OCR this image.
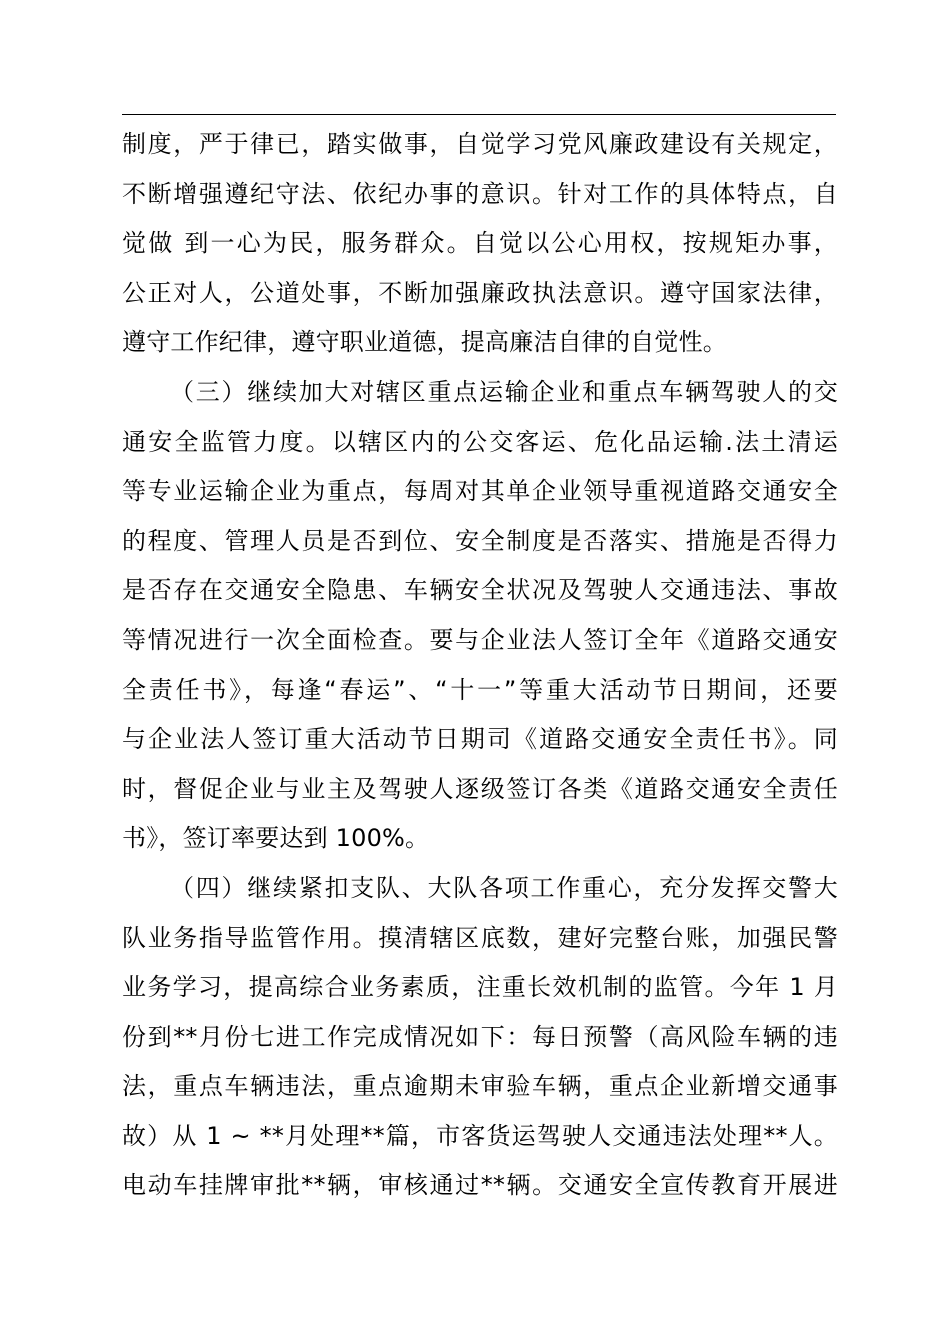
制度，严于律已，踏实做事，自觉学习党风廉政建设有关规定，
不断增强遵纪守法、依纪办事的意识。针对工作的具体特点，自
觉做 到一心为民，服务群众。自觉以公心用权，按规矩办事，
公正对人，公道处事，不断加强廉政执法意识。遵守国家法律，
遵守工作纪律，遵守职业道德，提高廉洁自律的自觉性。
（三）继续加大对辖区重点运输企业和重点车辆驾驶人的交
通安全监管力度。以辖区内的公交客运、危化品运输.法土清运
等专业运输企业为重点，每周对其单企业领导重视道路交通安全
的程度、管理人员是否到位、安全制度是否落实、措施是否得力
是否存在交通安全隐患、车辆安全状况及驾驶人交通违法、事故
等情况进行一次全面检查。要与企业法人签订全年《道路交通安
全责任书》，每逢“春运”、“十一”等重大活动节日期间，还要
与企业法人签订重大活动节日期司《道路交通安全责任书》。同
时，督促企业与业主及驾驶人逐级签订各类《道路交通安全责任
书》，签订率要达到 100%。
（四）继续紧扣支队、大队各项工作重心，充分发挥交警大
队业务指导监管作用。摸清辖区底数，建好完整台账，加强民警
业务学习，提高综合业务素质，注重长效机制的监管。今年 1 月
份到**月份七进工作完成情况如下：每日预警（高风险车辆的违
法，重点车辆违法，重点逾期未审验车辆，重点企业新增交通事
故）从 1 ~ **月处理**篇，市客货运驾驶人交通违法处理**人。
电动车挂牌审批**辆，审核通过**辆。交通安全宣传教育开展进
